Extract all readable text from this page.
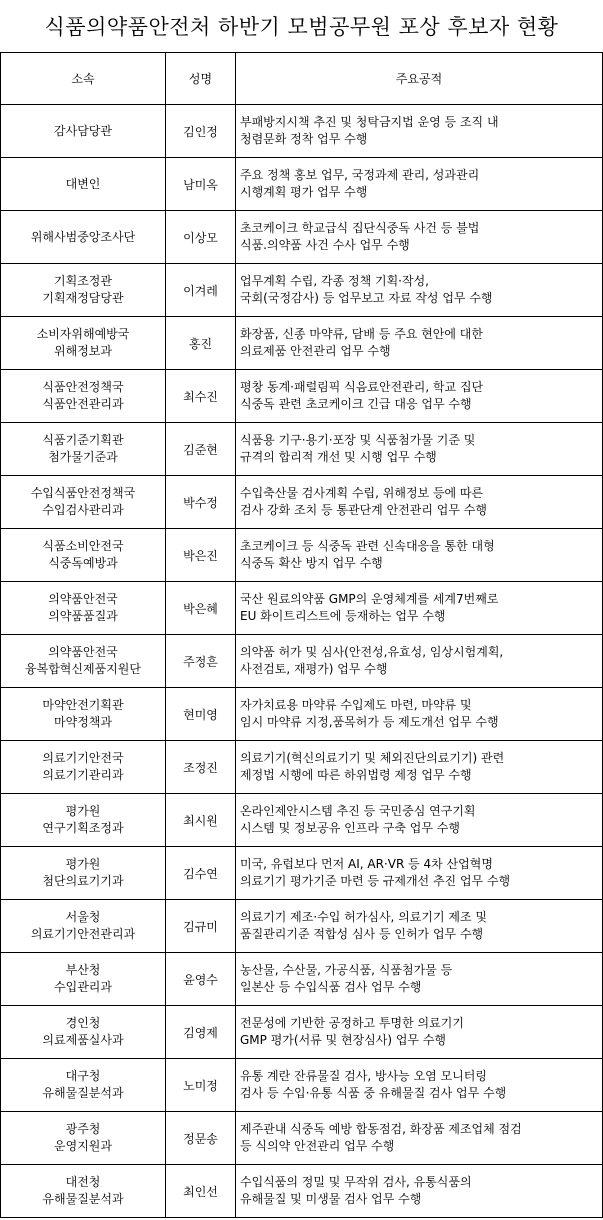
식품의약품안전처 하반기 모범공무원 포상 후보자 현황
소속	성명	주요공적
감사담당관	김인정	부패방지시책 추진 및 청탁금지법 운영 등 조직 내
청렴문화 정착 업무 수행
대변인	남미옥	주요 정책 홍보 업무, 국정과제 관리, 성과관리
시행계획 평가 업무 수행
위해사범중앙조사단	이상모	초코케이크 학교급식 집단식중독 사건 등 불법
식품.의약품 사건 수사 업무 수행
기획조정관
기획재정담당관	이겨레	업무계획 수립, 각종 정책 기획·작성,
국회(국정감사) 등 업무보고 자료 작성 업무 수행
소비자위해예방국
위해정보과	홍진	화장품, 신종 마약류, 담배 등 주요 현안에 대한
의료제품 안전관리 업무 수행
식품안전정책국
식품안전관리과	최수진	평창 동계·패럴림픽 식음료안전관리, 학교 집단
식중독 관련 초코케이크 긴급 대응 업무 수행
식품기준기획관
첨가물기준과	김준현	식품용 기구·용기·포장 및 식품첨가물 기준 및
규격의 합리적 개선 및 시행 업무 수행
수입식품안전정책국
수입검사관리과	박수정	수입축산물 검사계획 수립, 위해정보 등에 따른
검사 강화 조치 등 통관단계 안전관리 업무 수행
식품소비안전국
식중독예방과	박은진	초코케이크 등 식중독 관련 신속대응을 통한 대형
식중독 확산 방지 업무 수행
의약품안전국
의약품품질과	박은혜	국산 원료의약품 GMP의 운영체계를 세계7번째로
EU 화이트리스트에 등재하는 업무 수행
의약품안전국
융복합혁신제품지원단	주정흔	의약품 허가 및 심사(안전성,유효성, 임상시험계획,
사전검토, 재평가) 업무 수행
마약안전기획관
마약정책과	현미영	자가치료용 마약류 수입제도 마련, 마약류 및
임시 마약류 지정,품목허가 등 제도개선 업무 수행
의료기기안전국
의료기기관리과	조정진	의료기기(혁신의료기기 및 체외진단의료기기) 관련
제정법 시행에 따른 하위법령 제정 업무 수행
평가원
연구기획조정과	최시원	온라인제안시스템 추진 등 국민중심 연구기획
시스템 및 정보공유 인프라 구축 업무 수행
평가원
첨단의료기기과	김수연	미국, 유럽보다 먼저 AI, AR·VR 등 4차 산업혁명
의료기기 평가기준 마련 등 규제개선 추진 업무 수행
서울청
의료기기안전관리과	김규미	의료기기 제조·수입 허가심사, 의료기기 제조 및
품질관리기준 적합성 심사 등 인허가 업무 수행
부산청
수입관리과	윤영수	농산물, 수산물, 가공식품, 식품첨가물 등
일본산 등 수입식품 검사 업무 수행
경인청
의료제품실사과	김영제	전문성에 기반한 공정하고 투명한 의료기기
GMP 평가(서류 및 현장심사) 업무 수행
대구청
유해물질분석과	노미정	유통 계란 잔류물질 검사, 방사능 오염 모니터링
검사 등 수입·유통 식품 중 유해물질 검사 업무 수행
광주청
운영지원과	정문송	제주관내 식중독 예방 합동점검, 화장품 제조업체 점검
등 식의약 안전관리 업무 수행
대전청
유해물질분석과	최인선	수입식품의 정밀 및 무작위 검사, 유통식품의
유해물질 및 미생물 검사 업무 수행
